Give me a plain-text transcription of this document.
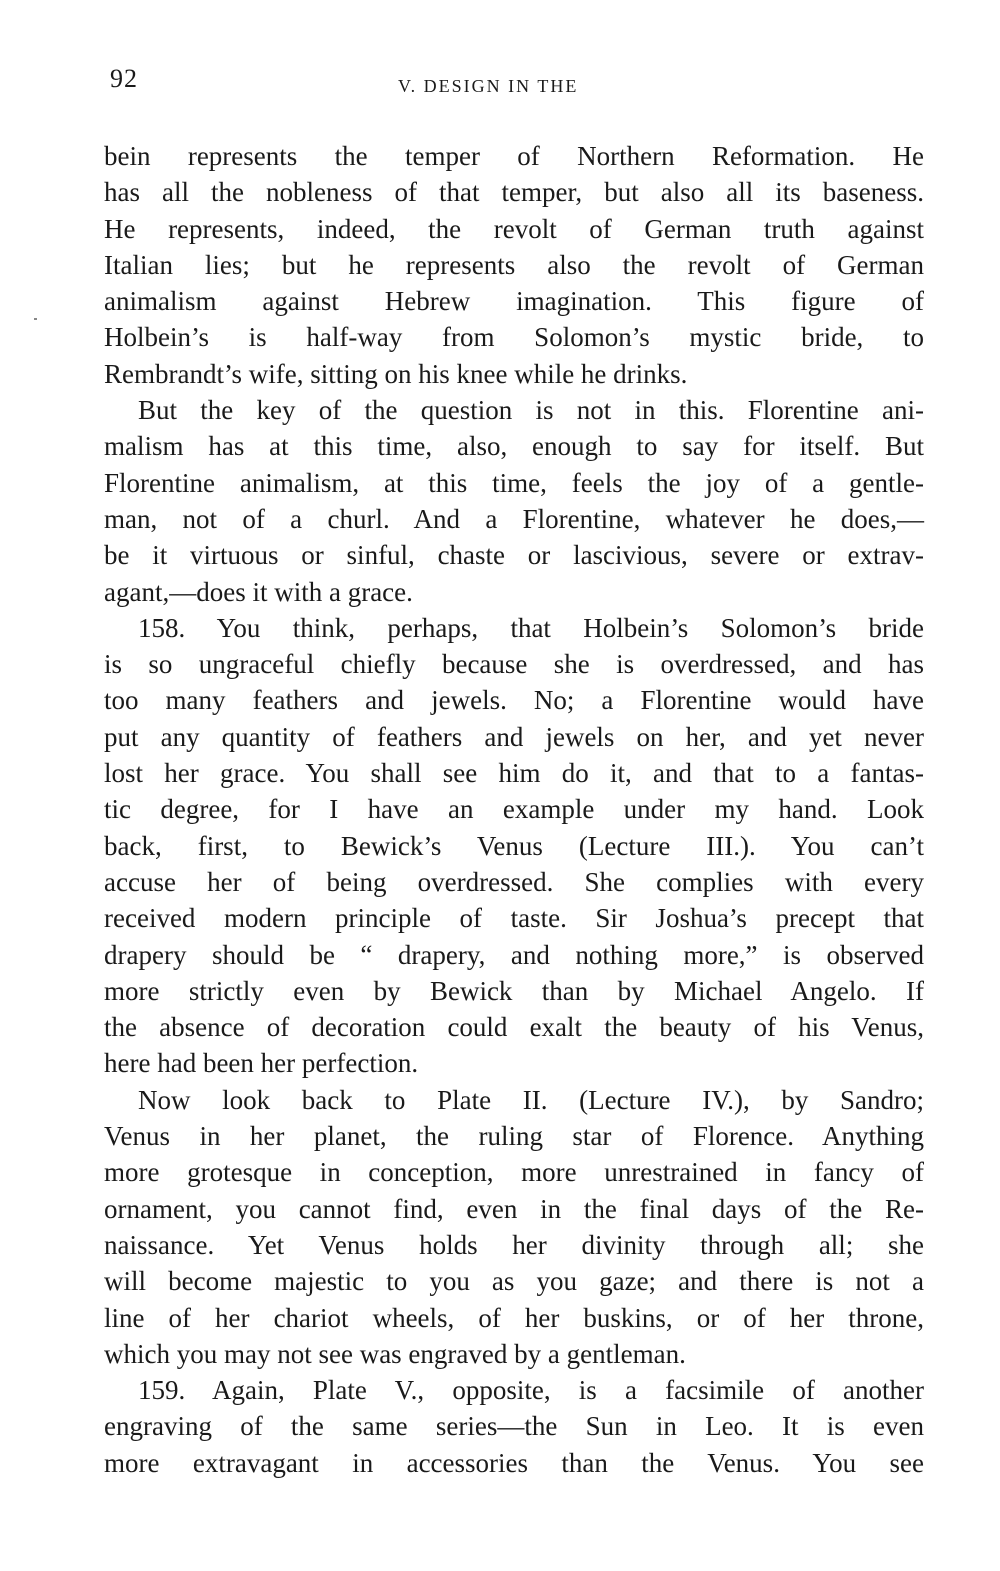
92	V. DESIGN IN THE
bein represents the temper of Northern Reformation. He
has all the nobleness of that temper, but also all its baseness.
He represents, indeed, the revolt of German truth against
Italian lies; but he represents also the revolt of German
animalism against Hebrew imagination. This figure of
Holbein’s is half-way from Solomon’s mystic bride, to
Rembrandt’s wife, sitting on his knee while he drinks.
But the key of the question is not in this. Florentine ani-
malism has at this time, also, enough to say for itself. But
Florentine animalism, at this time, feels the joy of a gentle-
man, not of a churl. And a Florentine, whatever he does,—
be it virtuous or sinful, chaste or lascivious, severe or extrav-
agant,—does it with a grace.
158. You think, perhaps, that Holbein’s Solomon’s bride
is so ungraceful chiefly because she is overdressed, and has
too many feathers and jewels. No; a Florentine would have
put any quantity of feathers and jewels on her, and yet never
lost her grace. You shall see him do it, and that to a fantas-
tic degree, for I have an example under my hand. Look
back, first, to Bewick’s Venus (Lecture III.). You can’t
accuse her of being overdressed. She complies with every
received modern principle of taste. Sir Joshua’s precept that
drapery should be “ drapery, and nothing more,” is observed
more strictly even by Bewick than by Michael Angelo. If
the absence of decoration could exalt the beauty of his Venus,
here had been her perfection.
Now look back to Plate II. (Lecture IV.), by Sandro;
Venus in her planet, the ruling star of Florence. Anything
more grotesque in conception, more unrestrained in fancy of
ornament, you cannot find, even in the final days of the Re-
naissance. Yet Venus holds her divinity through all; she
will become majestic to you as you gaze; and there is not a
line of her chariot wheels, of her buskins, or of her throne,
which you may not see was engraved by a gentleman.
159. Again, Plate V., opposite, is a facsimile of another
engraving of the same series—the Sun in Leo. It is even
more extravagant in accessories than the Venus. You see
